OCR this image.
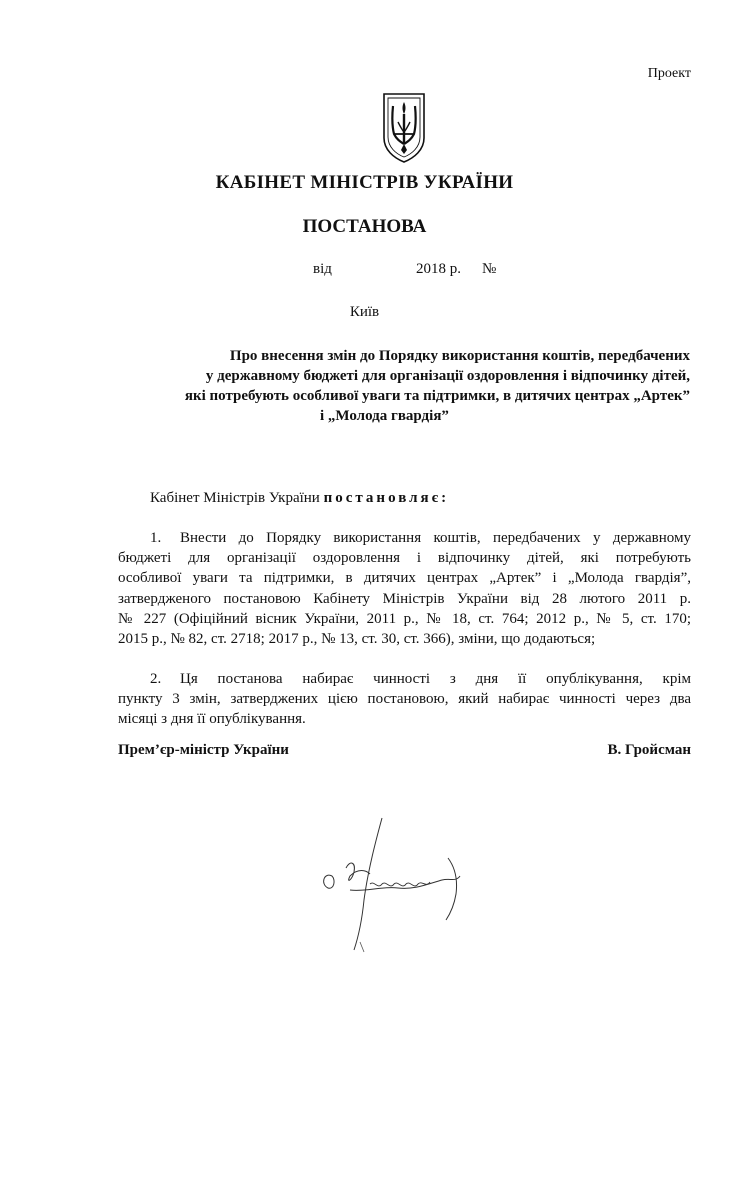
Проект
КАБІНЕТ МІНІСТРІВ УКРАЇНИ
ПОСТАНОВА
від	2018 р. №
Київ
Про внесення змін до Порядку використання коштів, передбачених
у державному бюджеті для організації оздоровлення і відпочинку дітей,
які потребують особливої уваги та підтримки, в дитячих центрах „Артек”
і „Молода гвардія”
Кабінет Міністрів України постановляє:
1. Внести до Порядку використання коштів, передбачених у державному
бюджеті для організації оздоровлення і відпочинку дітей, які потребують
особливої уваги та підтримки, в дитячих центрах „Артек” і „Молода гвардія”,
затвердженого постановою Кабінету Міністрів України від 28 лютого 2011 р.
№ 227 (Офіційний вісник України, 2011 р., № 18, ст. 764; 2012 р., № 5, ст. 170;
2015 р., № 82, ст. 2718; 2017 р., № 13, ст. 30, ст. 366), зміни, що додаються;
2. Ця постанова набирає чинності з дня її опублікування, крім
пункту 3 змін, затверджених цією постановою, який набирає чинності через два
місяці з дня її опублікування.
Прем’єр-міністр України	В. Гройсман
